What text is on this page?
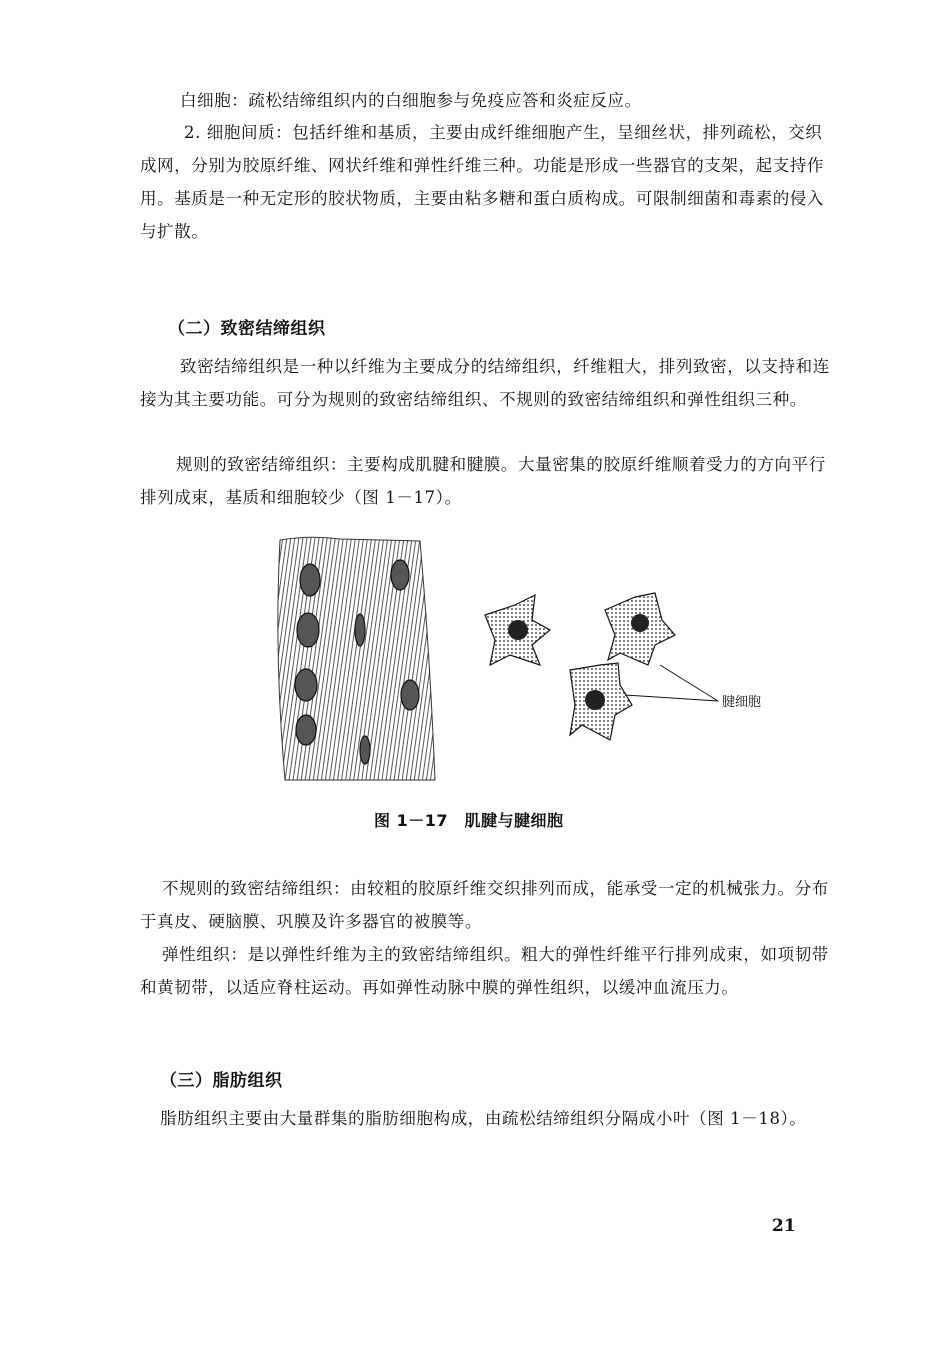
白细胞：疏松结缔组织内的白细胞参与免疫应答和炎症反应。

2. 细胞间质：包括纤维和基质，主要由成纤维细胞产生，呈细丝状，排列疏松，交织成网，分别为胶原纤维、网状纤维和弹性纤维三种。功能是形成一些器官的支架，起支持作用。基质是一种无定形的胶状物质，主要由粘多糖和蛋白质构成。可限制细菌和毒素的侵入与扩散。

（二）致密结缔组织

致密结缔组织是一种以纤维为主要成分的结缔组织，纤维粗大，排列致密，以支持和连接为其主要功能。可分为规则的致密结缔组织、不规则的致密结缔组织和弹性组织三种。

规则的致密结缔组织：主要构成肌腱和腱膜。大量密集的胶原纤维顺着受力的方向平行排列成束，基质和细胞较少（图 1－17）。

腱细胞

图 1－17　肌腱与腱细胞

不规则的致密结缔组织：由较粗的胶原纤维交织排列而成，能承受一定的机械张力。分布于真皮、硬脑膜、巩膜及许多器官的被膜等。

弹性组织：是以弹性纤维为主的致密结缔组织。粗大的弹性纤维平行排列成束，如项韧带和黄韧带，以适应脊柱运动。再如弹性动脉中膜的弹性组织，以缓冲血流压力。

（三）脂肪组织

脂肪组织主要由大量群集的脂肪细胞构成，由疏松结缔组织分隔成小叶（图 1－18）。

21
